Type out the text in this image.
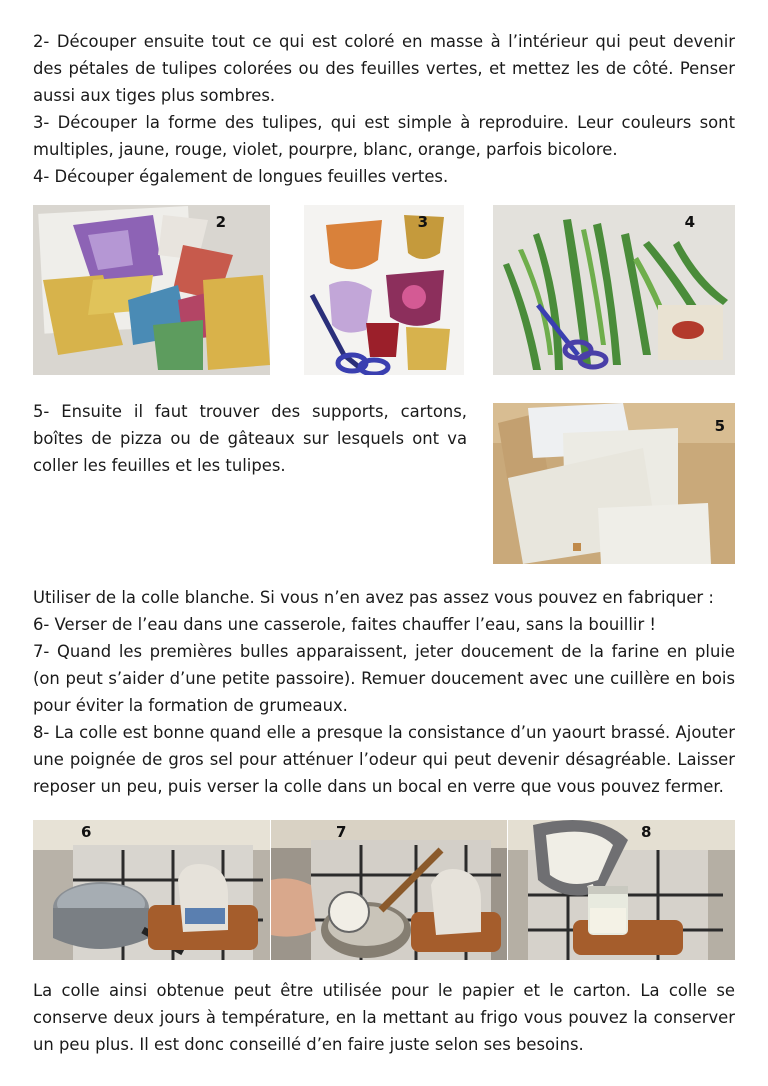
2- Découper ensuite tout ce qui est coloré en masse à l’intérieur qui peut devenir des pétales de tulipes colorées ou des feuilles vertes, et mettez les de côté. Penser aussi aux tiges plus sombres.

3- Découper la forme des tulipes, qui est simple à reproduire. Leur couleurs sont multiples, jaune, rouge, violet, pourpre, blanc, orange, parfois bicolore.

4- Découper également de longues feuilles vertes.

2	3	4
5- Ensuite il faut trouver des supports, cartons, boîtes de pizza ou de gâteaux sur lesquels ont va coller les feuilles et les tulipes.
5

Utiliser de la colle blanche. Si vous n’en avez pas assez vous pouvez en fabriquer :

6- Verser de l’eau dans une casserole, faites chauffer l’eau, sans la bouillir !

7- Quand les premières bulles apparaissent, jeter doucement de la farine en pluie (on peut s’aider d’une petite passoire). Remuer doucement avec une cuillère en bois pour éviter la formation de grumeaux.

8- La colle est bonne quand elle a presque la consistance d’un yaourt brassé. Ajouter une poignée de gros sel pour atténuer l’odeur qui peut devenir désagréable. Laisser reposer un peu, puis verser la colle dans un bocal en verre que vous pouvez fermer.

6	7	8
La colle ainsi obtenue peut être utilisée pour le papier et le carton. La colle se conserve deux jours à température, en la mettant au frigo vous pouvez la conserver un peu plus. Il est donc conseillé d’en faire juste selon ses besoins.
